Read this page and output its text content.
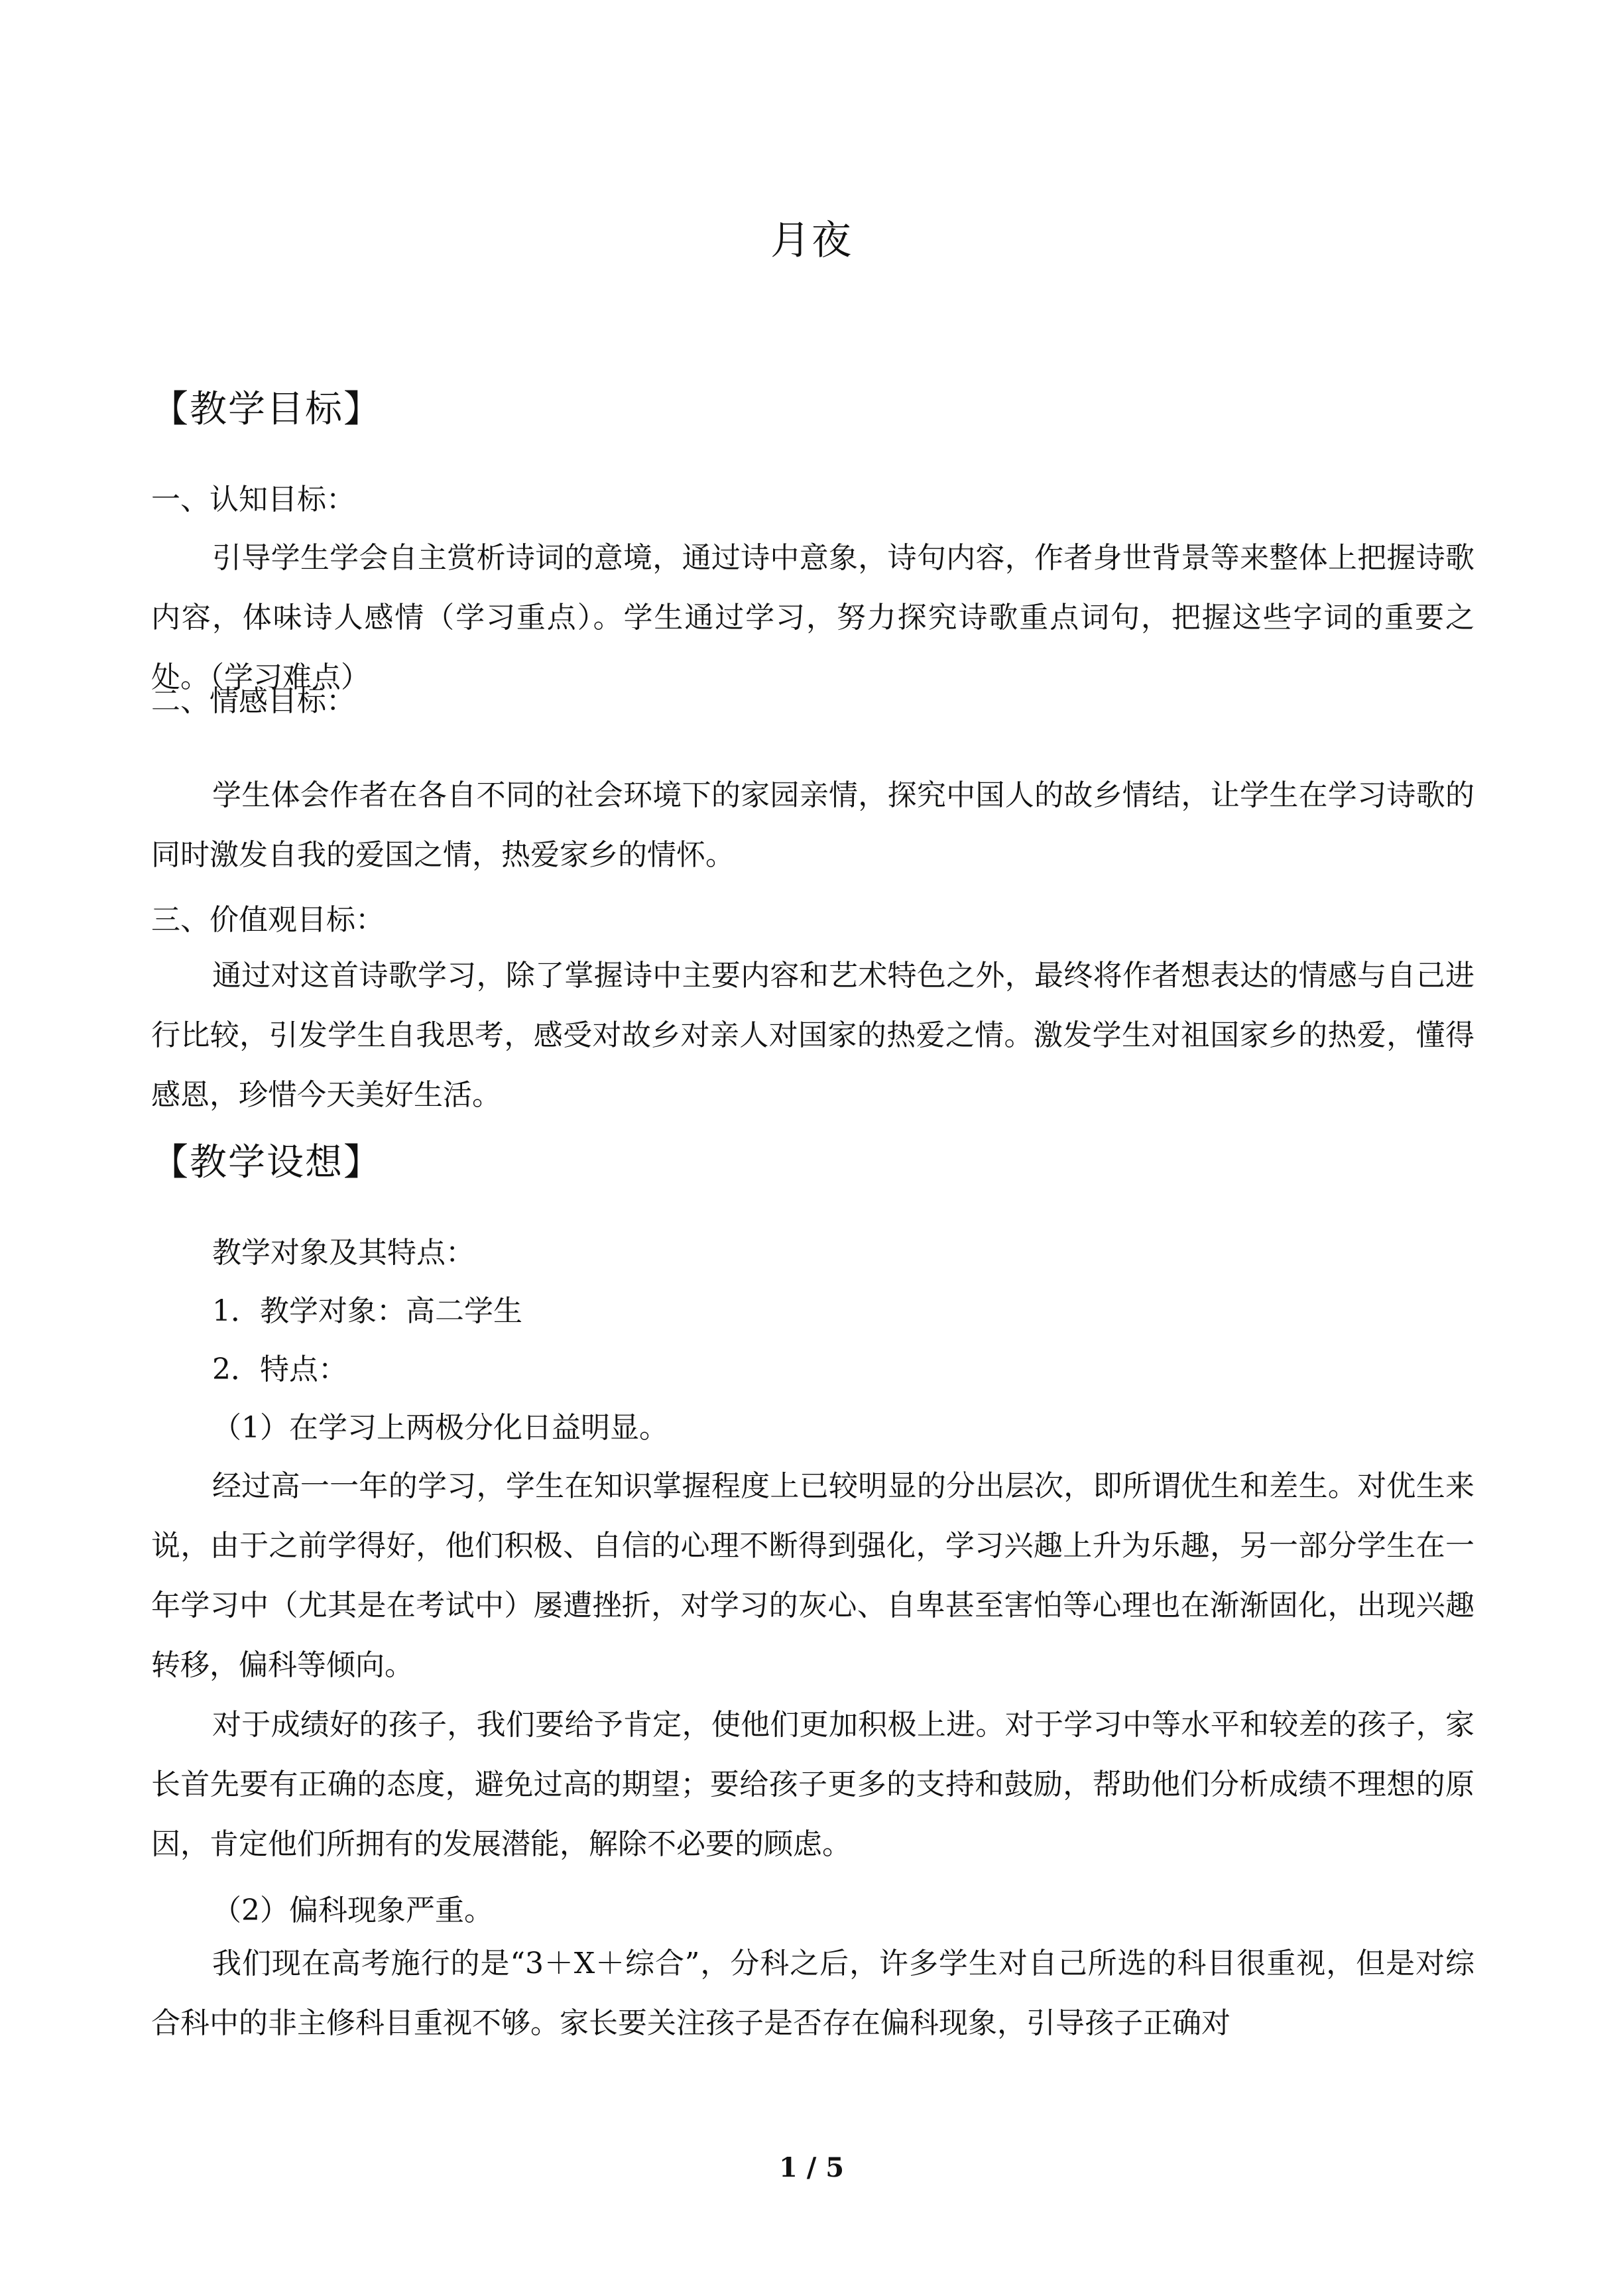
月夜
【教学目标】
一、认知目标：
引导学生学会自主赏析诗词的意境，通过诗中意象，诗句内容，作者身世背景等来整体上把握诗歌内容，体味诗人感情（学习重点）。学生通过学习，努力探究诗歌重点词句，把握这些字词的重要之处。（学习难点）
二、情感目标：
学生体会作者在各自不同的社会环境下的家园亲情，探究中国人的故乡情结，让学生在学习诗歌的同时激发自我的爱国之情，热爱家乡的情怀。
三、价值观目标：
通过对这首诗歌学习，除了掌握诗中主要内容和艺术特色之外，最终将作者想表达的情感与自己进行比较，引发学生自我思考，感受对故乡对亲人对国家的热爱之情。激发学生对祖国家乡的热爱，懂得感恩，珍惜今天美好生活。
【教学设想】
教学对象及其特点：
1．教学对象：高二学生
2．特点：
（1）在学习上两极分化日益明显。
经过高一一年的学习，学生在知识掌握程度上已较明显的分出层次，即所谓优生和差生。对优生来说，由于之前学得好，他们积极、自信的心理不断得到强化，学习兴趣上升为乐趣，另一部分学生在一年学习中（尤其是在考试中）屡遭挫折，对学习的灰心、自卑甚至害怕等心理也在渐渐固化，出现兴趣转移，偏科等倾向。
对于成绩好的孩子，我们要给予肯定，使他们更加积极上进。对于学习中等水平和较差的孩子，家长首先要有正确的态度，避免过高的期望；要给孩子更多的支持和鼓励，帮助他们分析成绩不理想的原因，肯定他们所拥有的发展潜能，解除不必要的顾虑。
（2）偏科现象严重。
我们现在高考施行的是“3＋X＋综合”，分科之后，许多学生对自己所选的科目很重视，但是对综合科中的非主修科目重视不够。家长要关注孩子是否存在偏科现象，引导孩子正确对
1 / 5
